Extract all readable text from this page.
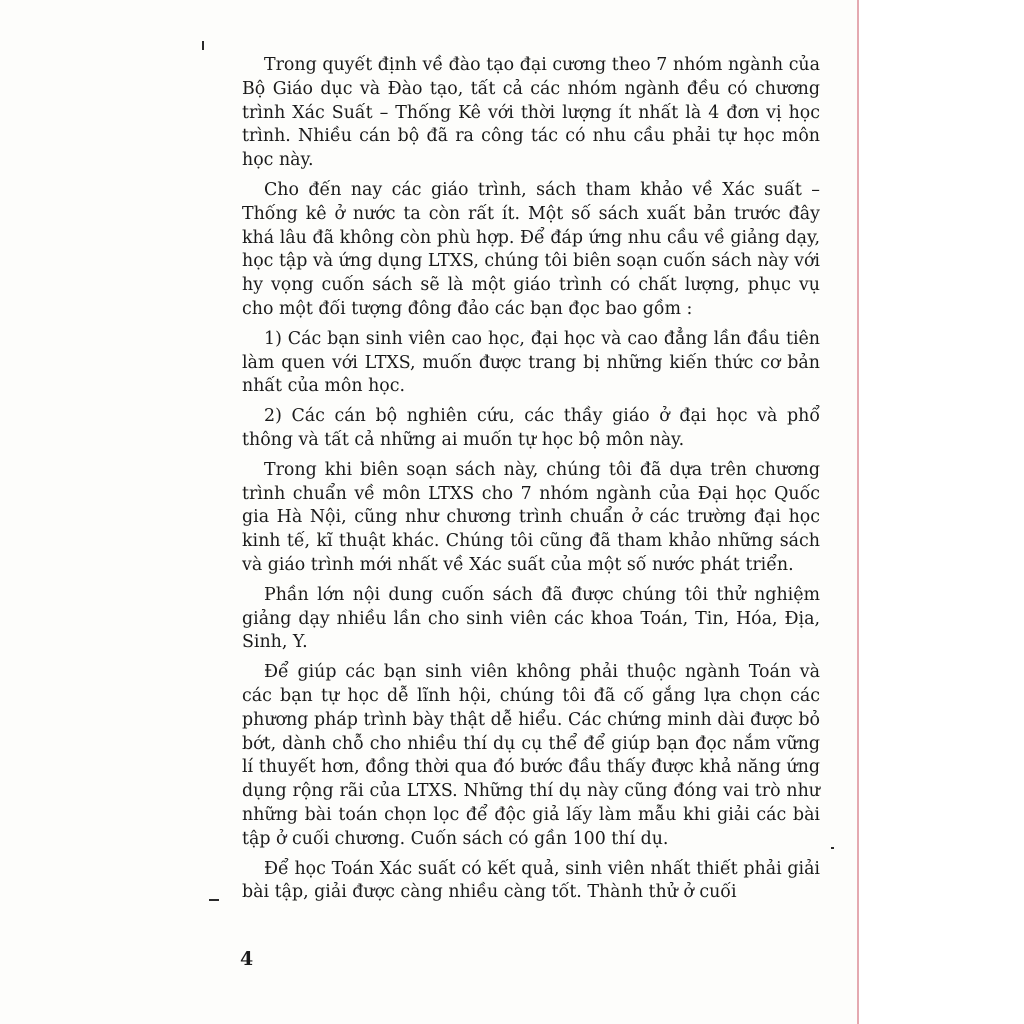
Trong quyết định về đào tạo đại cương theo 7 nhóm ngành của Bộ Giáo dục và Đào tạo, tất cả các nhóm ngành đều có chương trình Xác Suất – Thống Kê với thời lượng ít nhất là 4 đơn vị học trình. Nhiều cán bộ đã ra công tác có nhu cầu phải tự học môn học này.

Cho đến nay các giáo trình, sách tham khảo về Xác suất – Thống kê ở nước ta còn rất ít. Một số sách xuất bản trước đây khá lâu đã không còn phù hợp. Để đáp ứng nhu cầu về giảng dạy, học tập và ứng dụng LTXS, chúng tôi biên soạn cuốn sách này với hy vọng cuốn sách sẽ là một giáo trình có chất lượng, phục vụ cho một đối tượng đông đảo các bạn đọc bao gồm :

1) Các bạn sinh viên cao học, đại học và cao đẳng lần đầu tiên làm quen với LTXS, muốn được trang bị những kiến thức cơ bản nhất của môn học.

2) Các cán bộ nghiên cứu, các thầy giáo ở đại học và phổ thông và tất cả những ai muốn tự học bộ môn này.

Trong khi biên soạn sách này, chúng tôi đã dựa trên chương trình chuẩn về môn LTXS cho 7 nhóm ngành của Đại học Quốc gia Hà Nội, cũng như chương trình chuẩn ở các trường đại học kinh tế, kĩ thuật khác. Chúng tôi cũng đã tham khảo những sách và giáo trình mới nhất về Xác suất của một số nước phát triển.

Phần lớn nội dung cuốn sách đã được chúng tôi thử nghiệm giảng dạy nhiều lần cho sinh viên các khoa Toán, Tin, Hóa, Địa, Sinh, Y.

Để giúp các bạn sinh viên không phải thuộc ngành Toán và các bạn tự học dễ lĩnh hội, chúng tôi đã cố gắng lựa chọn các phương pháp trình bày thật dễ hiểu. Các chứng minh dài được bỏ bớt, dành chỗ cho nhiều thí dụ cụ thể để giúp bạn đọc nắm vững lí thuyết hơn, đồng thời qua đó bước đầu thấy được khả năng ứng dụng rộng rãi của LTXS. Những thí dụ này cũng đóng vai trò như những bài toán chọn lọc để độc giả lấy làm mẫu khi giải các bài tập ở cuối chương. Cuốn sách có gần 100 thí dụ.

Để học Toán Xác suất có kết quả, sinh viên nhất thiết phải giải bài tập, giải được càng nhiều càng tốt. Thành thử ở cuối

4
